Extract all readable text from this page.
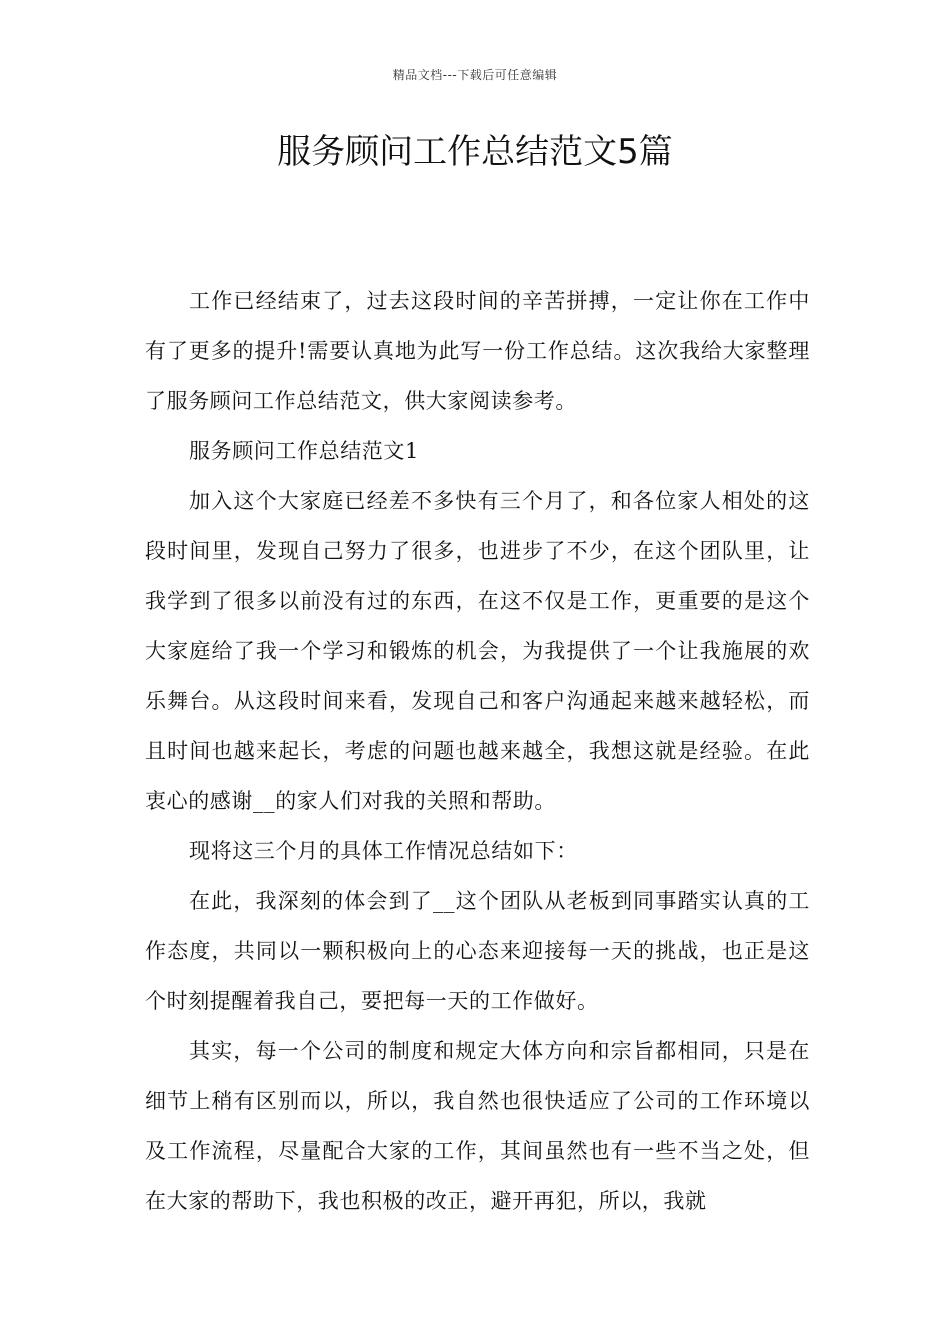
精品文档---下载后可任意编辑
服务顾问工作总结范文5篇

工作已经结束了，过去这段时间的辛苦拼搏，一定让你在工作中有了更多的提升!需要认真地为此写一份工作总结。这次我给大家整理了服务顾问工作总结范文，供大家阅读参考。

服务顾问工作总结范文1

加入这个大家庭已经差不多快有三个月了，和各位家人相处的这段时间里，发现自己努力了很多，也进步了不少，在这个团队里，让我学到了很多以前没有过的东西，在这不仅是工作，更重要的是这个大家庭给了我一个学习和锻炼的机会，为我提供了一个让我施展的欢乐舞台。从这段时间来看，发现自己和客户沟通起来越来越轻松，而且时间也越来起长，考虑的问题也越来越全，我想这就是经验。在此衷心的感谢__的家人们对我的关照和帮助。

现将这三个月的具体工作情况总结如下：

在此，我深刻的体会到了__这个团队从老板到同事踏实认真的工作态度，共同以一颗积极向上的心态来迎接每一天的挑战，也正是这个时刻提醒着我自己，要把每一天的工作做好。

其实，每一个公司的制度和规定大体方向和宗旨都相同，只是在细节上稍有区别而以，所以，我自然也很快适应了公司的工作环境以及工作流程，尽量配合大家的工作，其间虽然也有一些不当之处，但在大家的帮助下，我也积极的改正，避开再犯，所以，我就
